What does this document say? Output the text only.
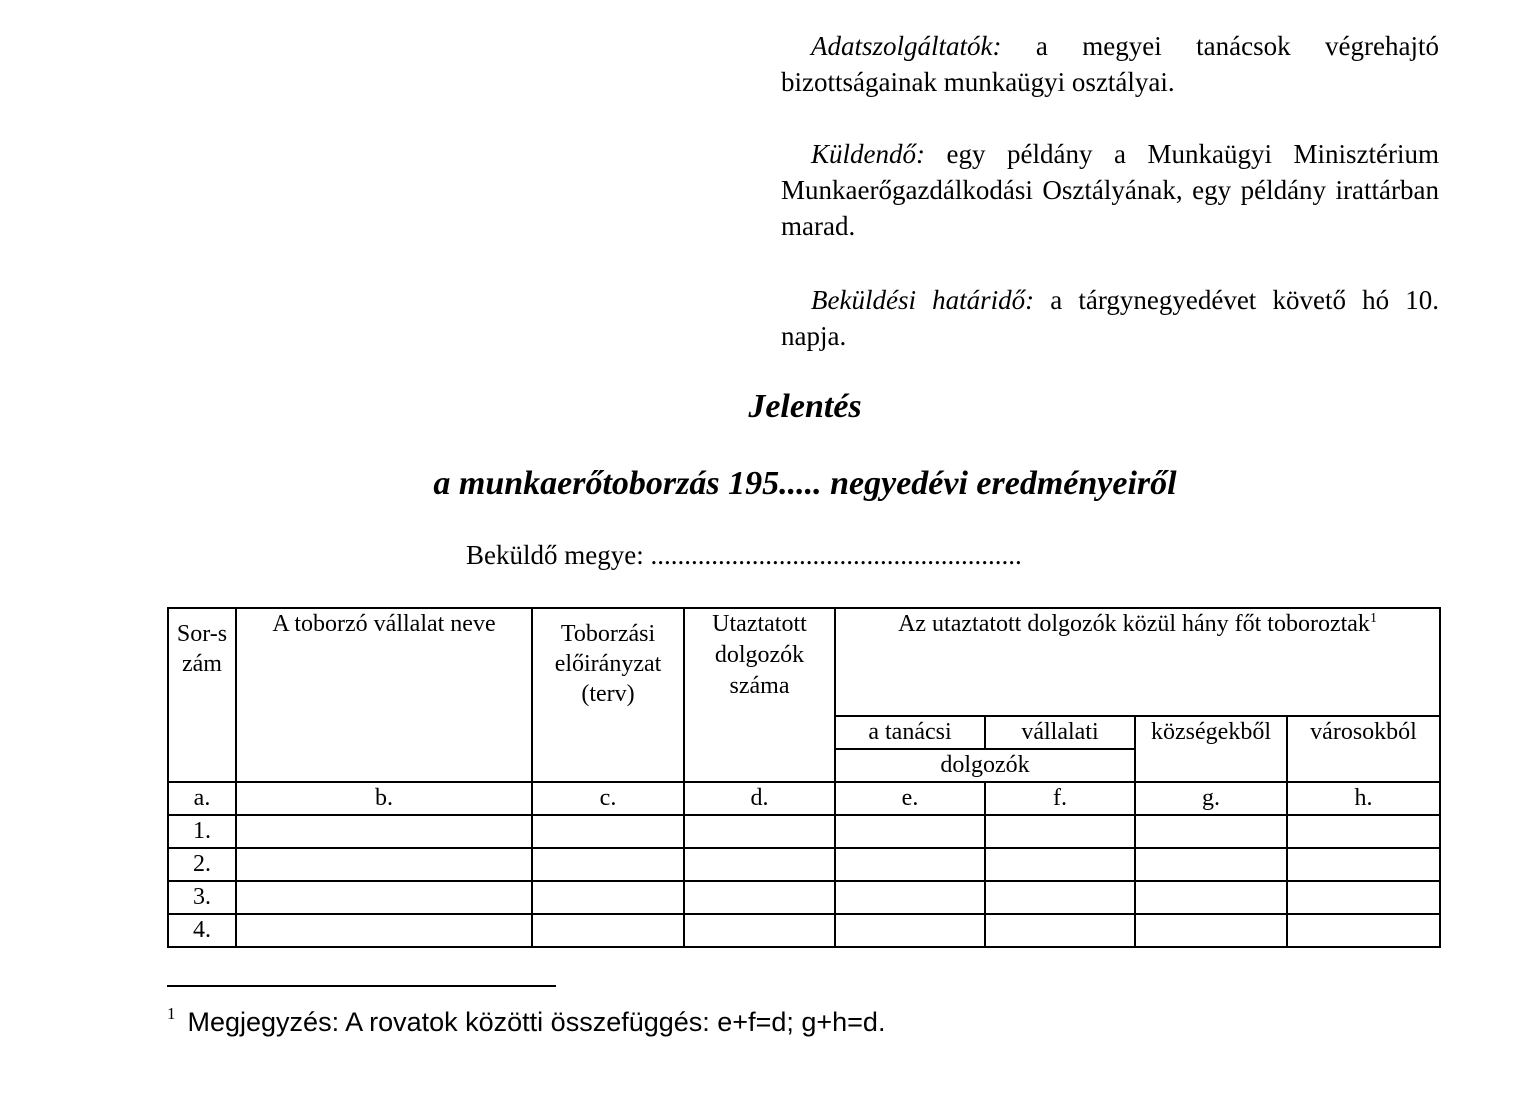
Adatszolgáltatók: a megyei tanácsok végrehajtó bizottságainak munkaügyi osztályai.

Küldendő: egy példány a Munkaügyi Minisztérium Munkaerőgazdálkodási Osztályának, egy példány irattárban marad.

Beküldési határidő: a tárgynegyedévet követő hó 10. napja.

Jelentés
a munkaerőtoborzás 195..... negyedévi eredményeiről
Beküldő megye: .......................................................
Sor-szám	A toborzó vállalat neve	Toborzási előirányzat (terv)	Utaztatott dolgozók száma	Az utaztatott dolgozók közül hány főt toboroztak$^1$
				a tanácsi	vállalati	községekből	városokból
				dolgozók			
a.	b.	c.	d.	e.	f.	g.	h.
1.							
2.							
3.							
4.							
$^1$ Megjegyzés: A rovatok közötti összefüggés: e+f=d; g+h=d.
